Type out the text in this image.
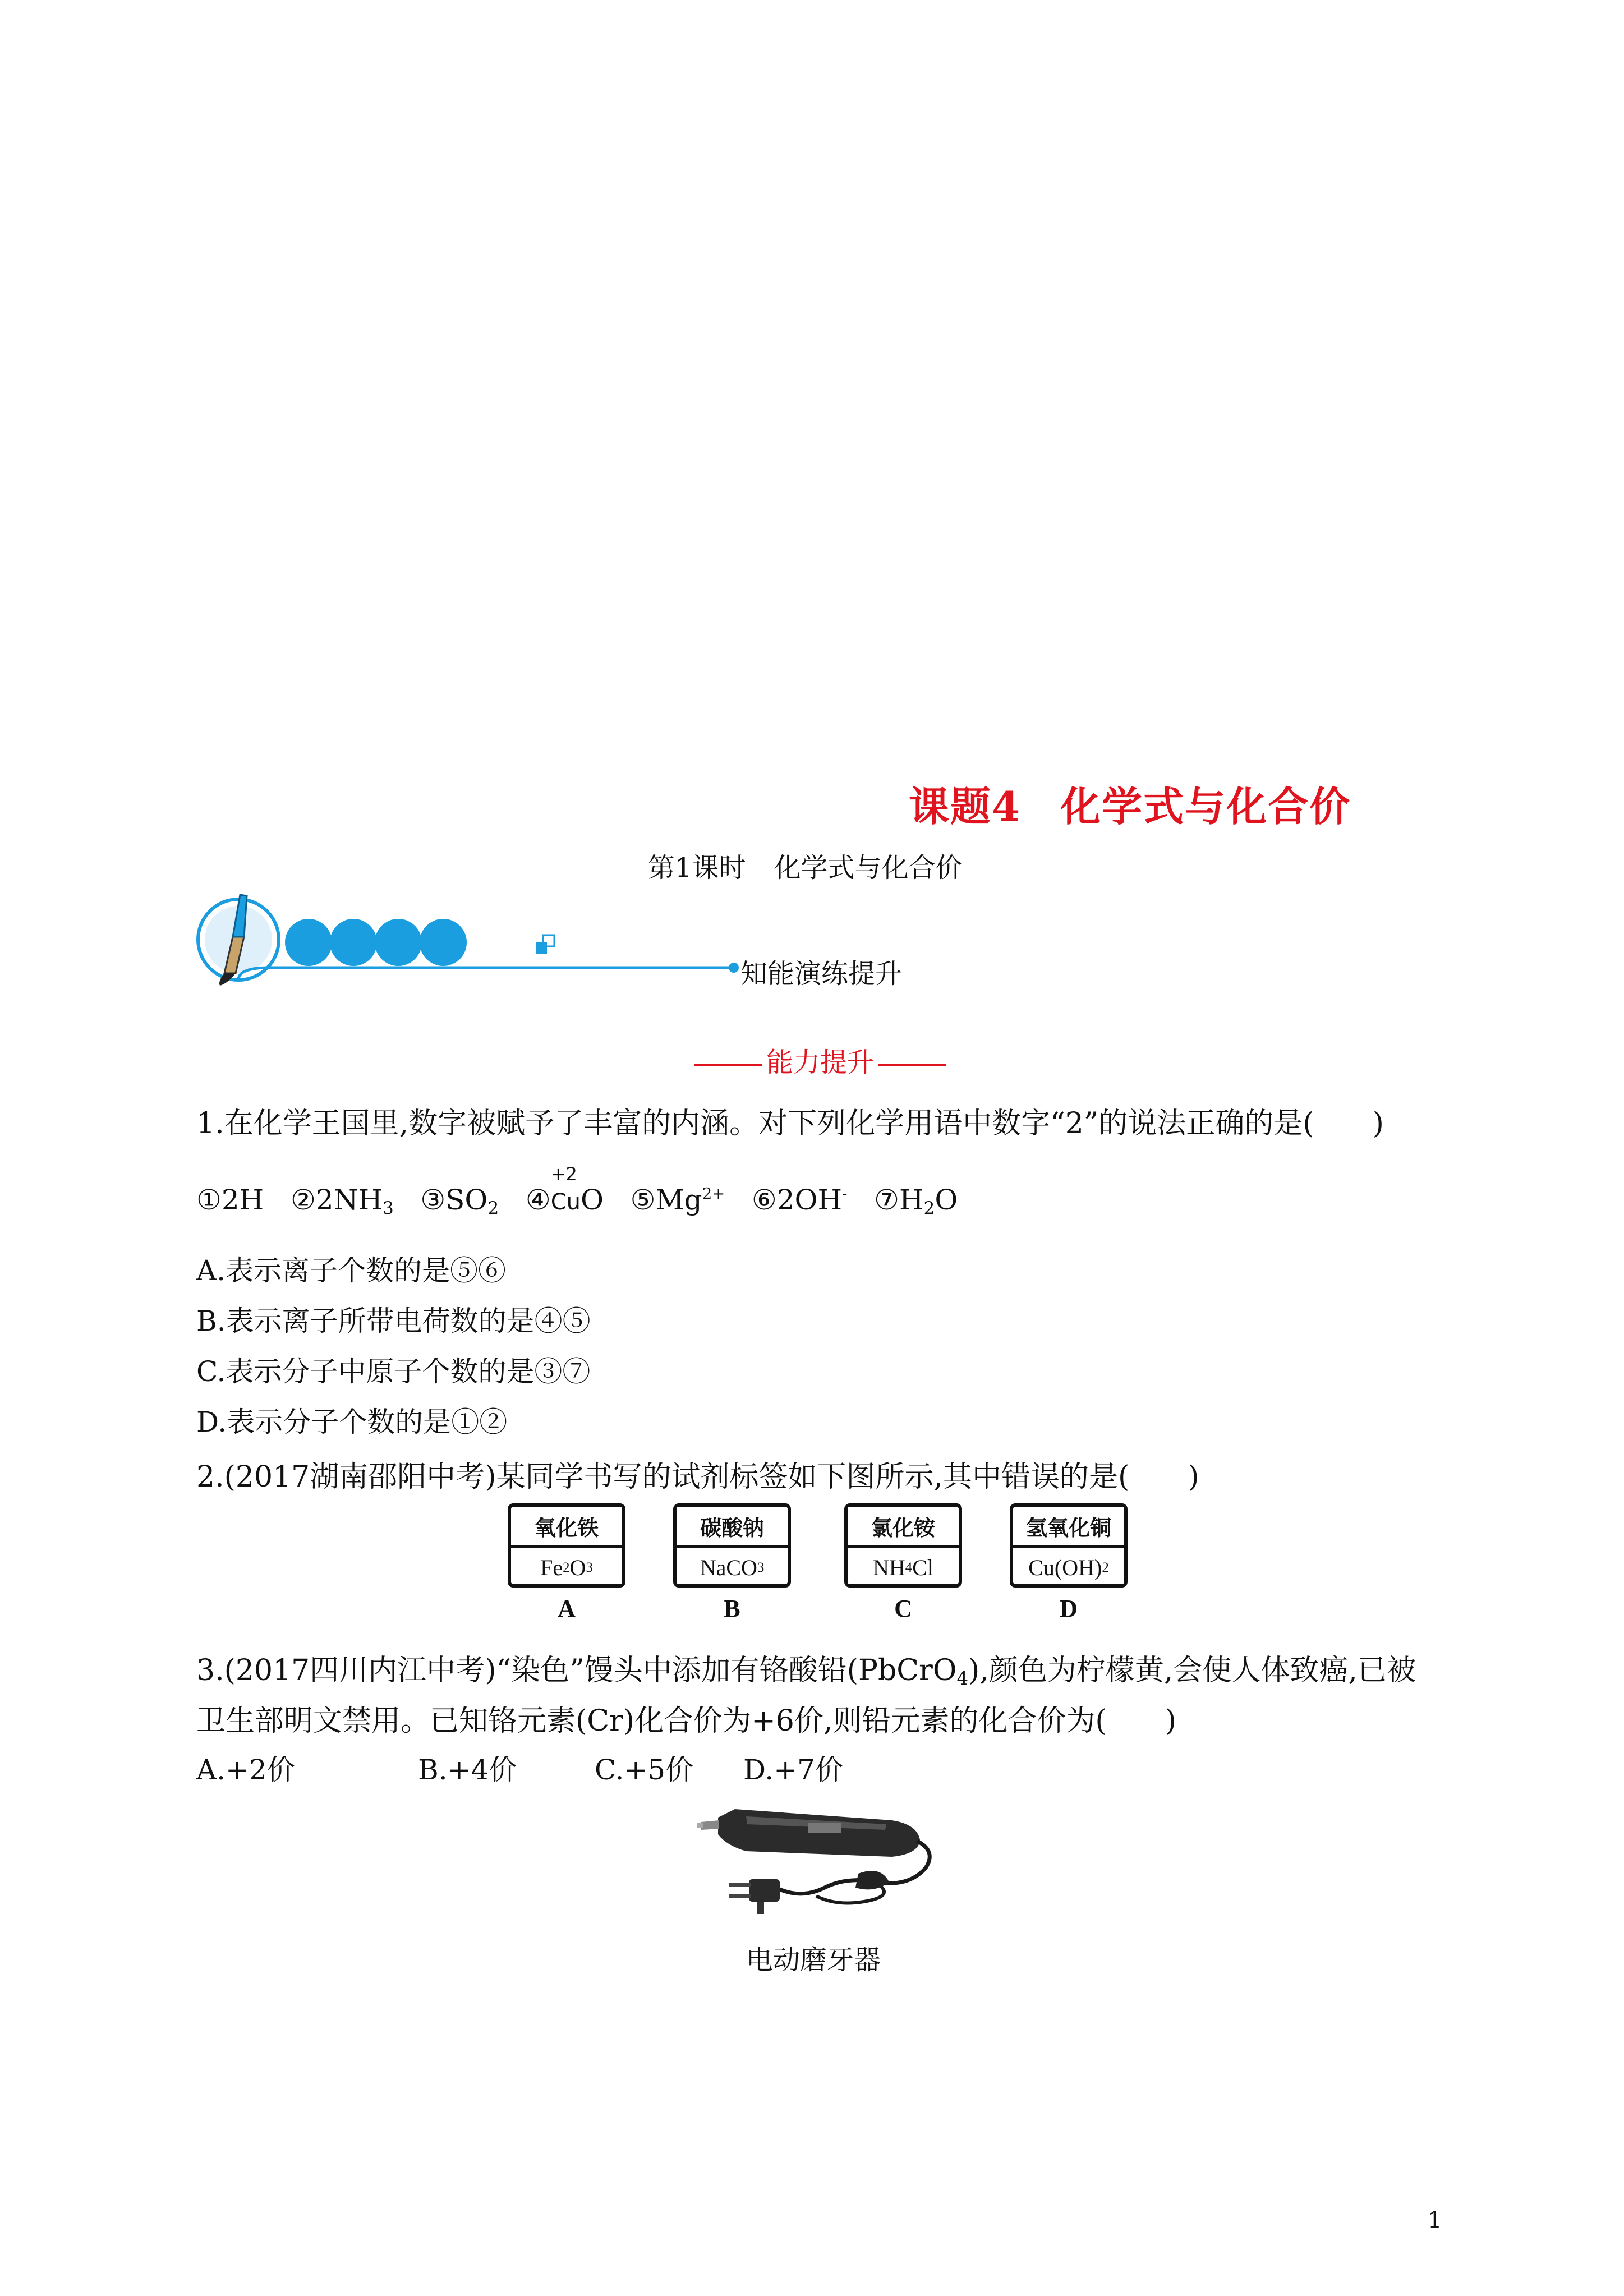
课题4 化学式与化合价
第1课时 化学式与化合价
知能演练提升
能力提升
1.在化学王国里,数字被赋予了丰富的内涵。对下列化学用语中数字“2”的说法正确的是(　　)
①2H $②2NH_3$ $③SO_2$ ④
+2
CuO $⑤Mg^{2+}$ ⑥2OH- $⑦H_2O$
A.表示离子个数的是⑤⑥
B.表示离子所带电荷数的是④⑤
C.表示分子中原子个数的是③⑦
D.表示分子个数的是①②
2.(2017湖南邵阳中考)某同学书写的试剂标签如下图所示,其中错误的是(　　)
氧化铁
Fe 2 O 3
A
碳酸钠
NaCO 3
B
氯化铵
NH 4 Cl
C
氢氧化铜
Cu(OH) 2
D
3.(2017四川内江中考)“染色”馒头中添加有铬酸铅(PbCrO$_4$),颜色为柠檬黄,会使人体致癌,已被
卫生部明文禁用。已知铬元素(Cr)化合价为+6价,则铅元素的化合价为(　　)
A.+2价	B.+4价	C.+5价 D.+7价
电动磨牙器
1
